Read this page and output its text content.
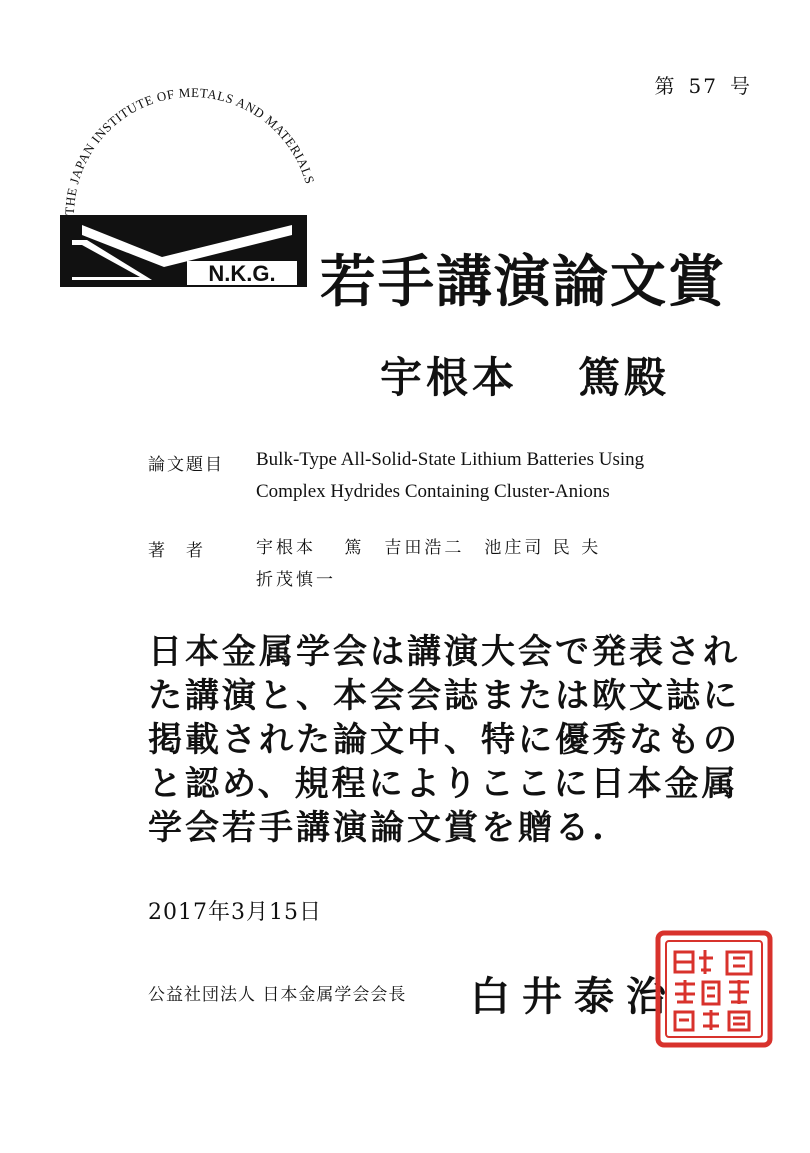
第 57 号
THE JAPAN INSTITUTE OF METALS AND MATERIALS
N.K.G. 若手講演論文賞
宇根本 篤殿
論文題目	Bulk-Type All-Solid-State Lithium Batteries Using
Complex Hydrides Containing Cluster-Anions
著　者	宇根本　 篤　吉田浩二　池庄司 民 夫
折茂慎一
日本金属学会は講演大会で発表され
た講演と、本会会誌または欧文誌に
掲載された論文中、特に優秀なもの
と認め、規程によりここに日本金属
学会若手講演論文賞を贈る.
2017年3月15日
公益社団法人 日本金属学会会長 白井泰治
